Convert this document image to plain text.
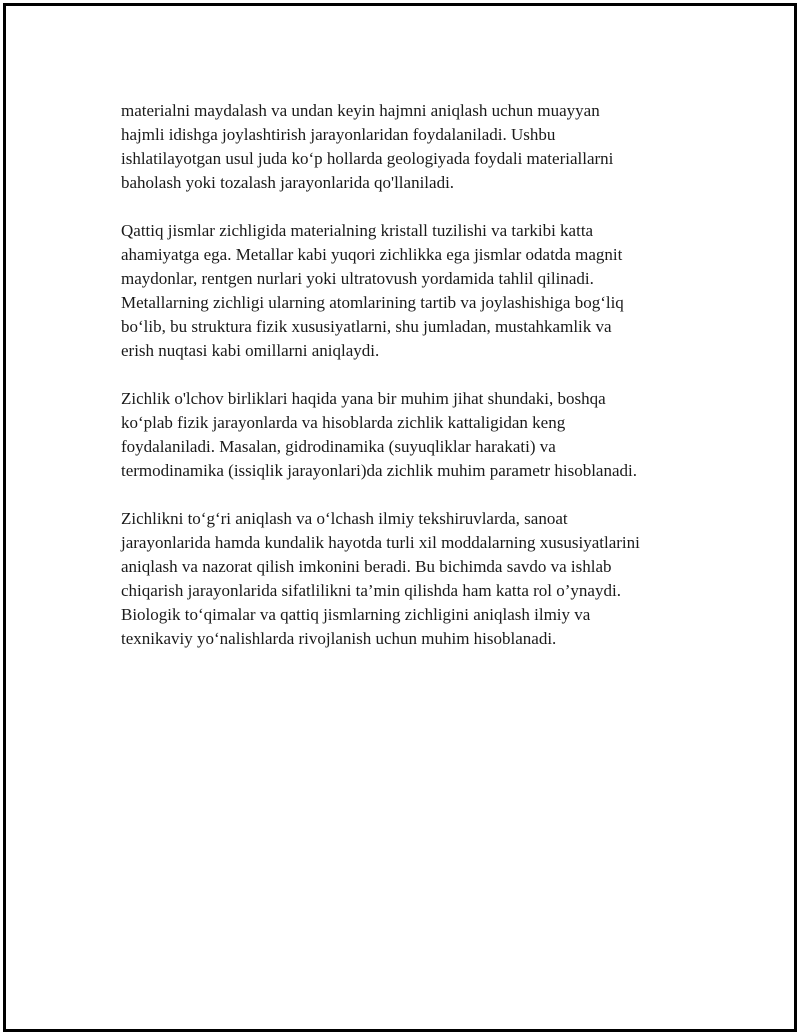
materialni maydalash va undan keyin hajmni aniqlash uchun muayyan
hajmli idishga joylashtirish jarayonlaridan foydalaniladi. Ushbu
ishlatilayotgan usul juda ko‘p hollarda geologiyada foydali materiallarni
baholash yoki tozalash jarayonlarida qo'llaniladi.

Qattiq jismlar zichligida materialning kristall tuzilishi va tarkibi katta
ahamiyatga ega. Metallar kabi yuqori zichlikka ega jismlar odatda magnit
maydonlar, rentgen nurlari yoki ultratovush yordamida tahlil qilinadi.
Metallarning zichligi ularning atomlarining tartib va joylashishiga bog‘liq
bo‘lib, bu struktura fizik xususiyatlarni, shu jumladan, mustahkamlik va
erish nuqtasi kabi omillarni aniqlaydi.

Zichlik o'lchov birliklari haqida yana bir muhim jihat shundaki, boshqa
ko‘plab fizik jarayonlarda va hisoblarda zichlik kattaligidan keng
foydalaniladi. Masalan, gidrodinamika (suyuqliklar harakati) va
termodinamika (issiqlik jarayonlari)da zichlik muhim parametr hisoblanadi.

Zichlikni to‘g‘ri aniqlash va o‘lchash ilmiy tekshiruvlarda, sanoat
jarayonlarida hamda kundalik hayotda turli xil moddalarning xususiyatlarini
aniqlash va nazorat qilish imkonini beradi. Bu bichimda savdo va ishlab
chiqarish jarayonlarida sifatlilikni ta’min qilishda ham katta rol o’ynaydi.
Biologik to‘qimalar va qattiq jismlarning zichligini aniqlash ilmiy va
texnikaviy yo‘nalishlarda rivojlanish uchun muhim hisoblanadi.
